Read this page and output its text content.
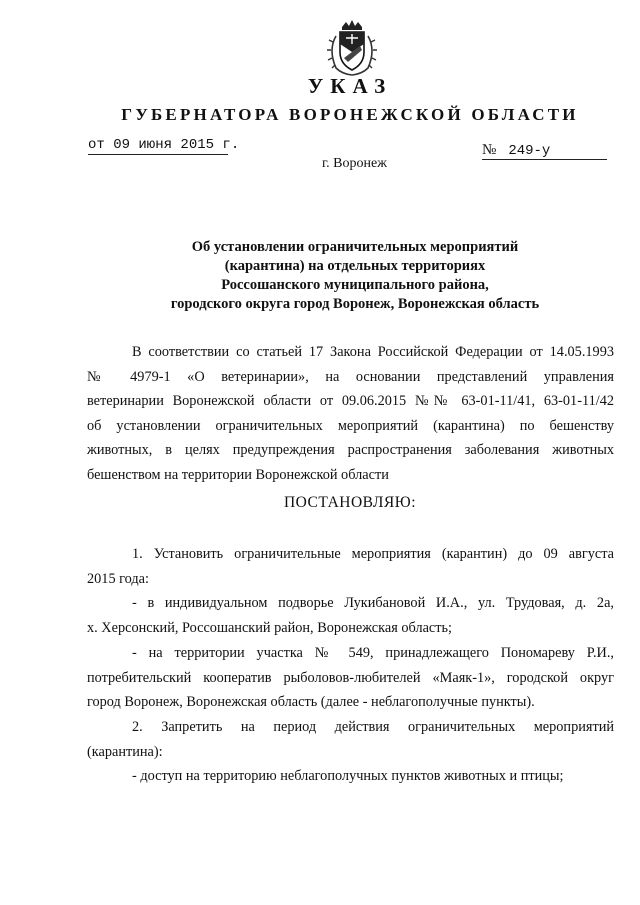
УКАЗ
ГУБЕРНАТОРА ВОРОНЕЖСКОЙ ОБЛАСТИ
от 09 июня 2015 г.	№ 249-у
г. Воронеж
Об установлении ограничительных мероприятий
(карантина) на отдельных территориях
Россошанского муниципального района,
городского округа город Воронеж, Воронежская область
В соответствии со статьей 17 Закона Российской Федерации от 14.05.1993
№ 4979-1 «О ветеринарии», на основании представлений управления
ветеринарии Воронежской области от 09.06.2015 №№ 63-01-11/41, 63-01-11/42
об установлении ограничительных мероприятий (карантина) по бешенству
животных, в целях предупреждения распространения заболевания животных
бешенством на территории Воронежской области
ПОСТАНОВЛЯЮ:
1. Установить ограничительные мероприятия (карантин) до 09 августа
2015 года:
- в индивидуальном подворье Лукибановой И.А., ул. Трудовая, д. 2а,
х. Херсонский, Россошанский район, Воронежская область;
- на территории участка № 549, принадлежащего Пономареву Р.И.,
потребительский кооператив рыболовов-любителей «Маяк-1», городской округ
город Воронеж, Воронежская область (далее - неблагополучные пункты).
2. Запретить на период действия ограничительных мероприятий
(карантина):
- доступ на территорию неблагополучных пунктов животных и птицы;
